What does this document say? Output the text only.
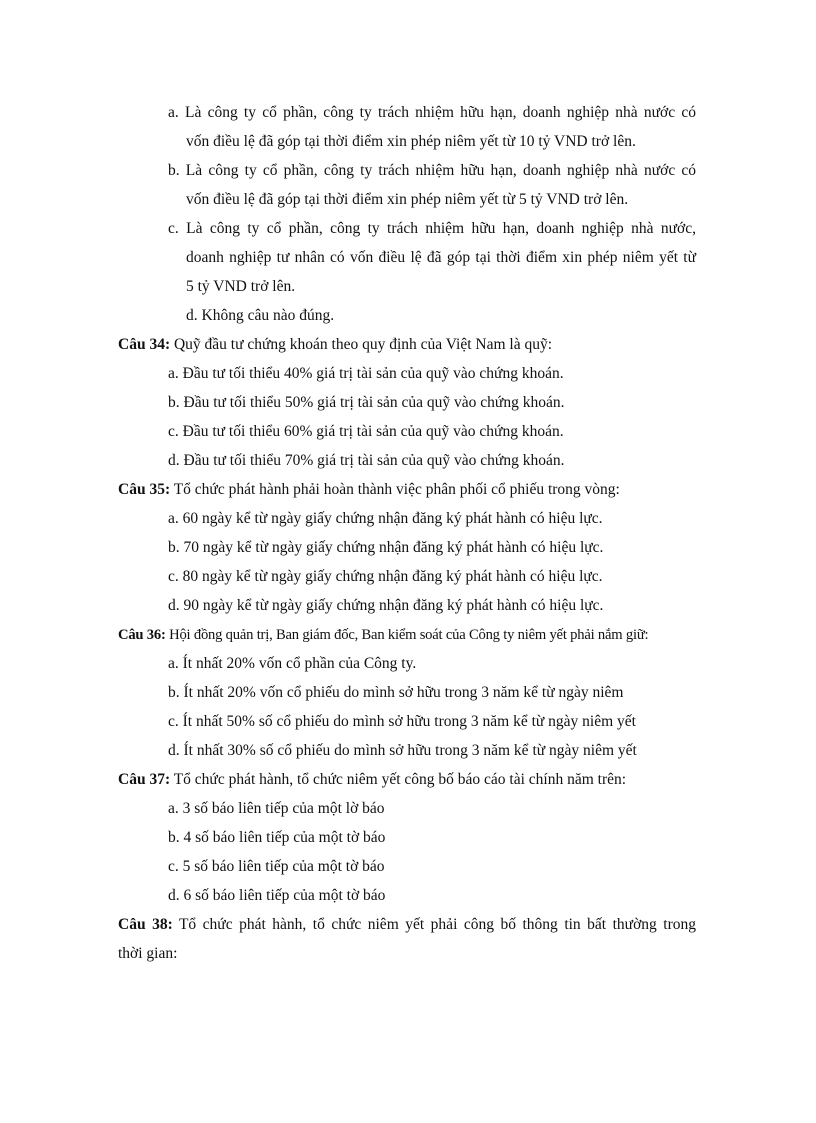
a. Là công ty cổ phần, công ty trách nhiệm hữu hạn, doanh nghiệp nhà nước có
vốn điều lệ đã góp tại thời điểm xin phép niêm yết từ 10 tỷ VND trở lên.
b. Là công ty cổ phần, công ty trách nhiệm hữu hạn, doanh nghiệp nhà nước có
vốn điều lệ đã góp tại thời điểm xin phép niêm yết từ 5 tỷ VND trở lên.
c. Là công ty cổ phần, công ty trách nhiệm hữu hạn, doanh nghiệp nhà nước,
doanh nghiệp tư nhân có vốn điều lệ đã góp tại thời điểm xin phép niêm yết từ
5 tỷ VND trở lên.
d. Không câu nào đúng.
Câu 34: Quỹ đầu tư chứng khoán theo quy định của Việt Nam là quỹ:
a. Đầu tư tối thiểu 40% giá trị tài sản của quỹ vào chứng khoán.
b. Đầu tư tối thiểu 50% giá trị tài sản của quỹ vào chứng khoán.
c. Đầu tư tối thiểu 60% giá trị tài sản của quỹ vào chứng khoán.
d. Đầu tư tối thiểu 70% giá trị tài sản của quỹ vào chứng khoán.
Câu 35: Tổ chức phát hành phải hoàn thành việc phân phối cổ phiếu trong vòng:
a. 60 ngày kể từ ngày giấy chứng nhận đăng ký phát hành có hiệu lực.
b. 70 ngày kể từ ngày giấy chứng nhận đăng ký phát hành có hiệu lực.
c. 80 ngày kể từ ngày giấy chứng nhận đăng ký phát hành có hiệu lực.
d. 90 ngày kể từ ngày giấy chứng nhận đăng ký phát hành có hiệu lực.
Câu 36: Hội đồng quản trị, Ban giám đốc, Ban kiểm soát của Công ty niêm yết phải nắm giữ:
a. Ít nhất 20% vốn cổ phần của Công ty.
b. Ít nhất 20% vốn cổ phiếu do mình sở hữu trong 3 năm kể từ ngày niêm
c. Ít nhất 50% số cổ phiếu do mình sở hữu trong 3 năm kể từ ngày niêm yết
d. Ít nhất 30% số cổ phiếu do mình sở hữu trong 3 năm kể từ ngày niêm yết
Câu 37: Tổ chức phát hành, tổ chức niêm yết công bố báo cáo tài chính năm trên:
a. 3 số báo liên tiếp của một lờ báo
b. 4 số báo liên tiếp của một tờ báo
c. 5 số báo liên tiếp của một tờ báo
d. 6 số báo liên tiếp của một tờ báo
Câu 38: Tổ chức phát hành, tổ chức niêm yết phải công bố thông tin bất thường trong
thời gian:
